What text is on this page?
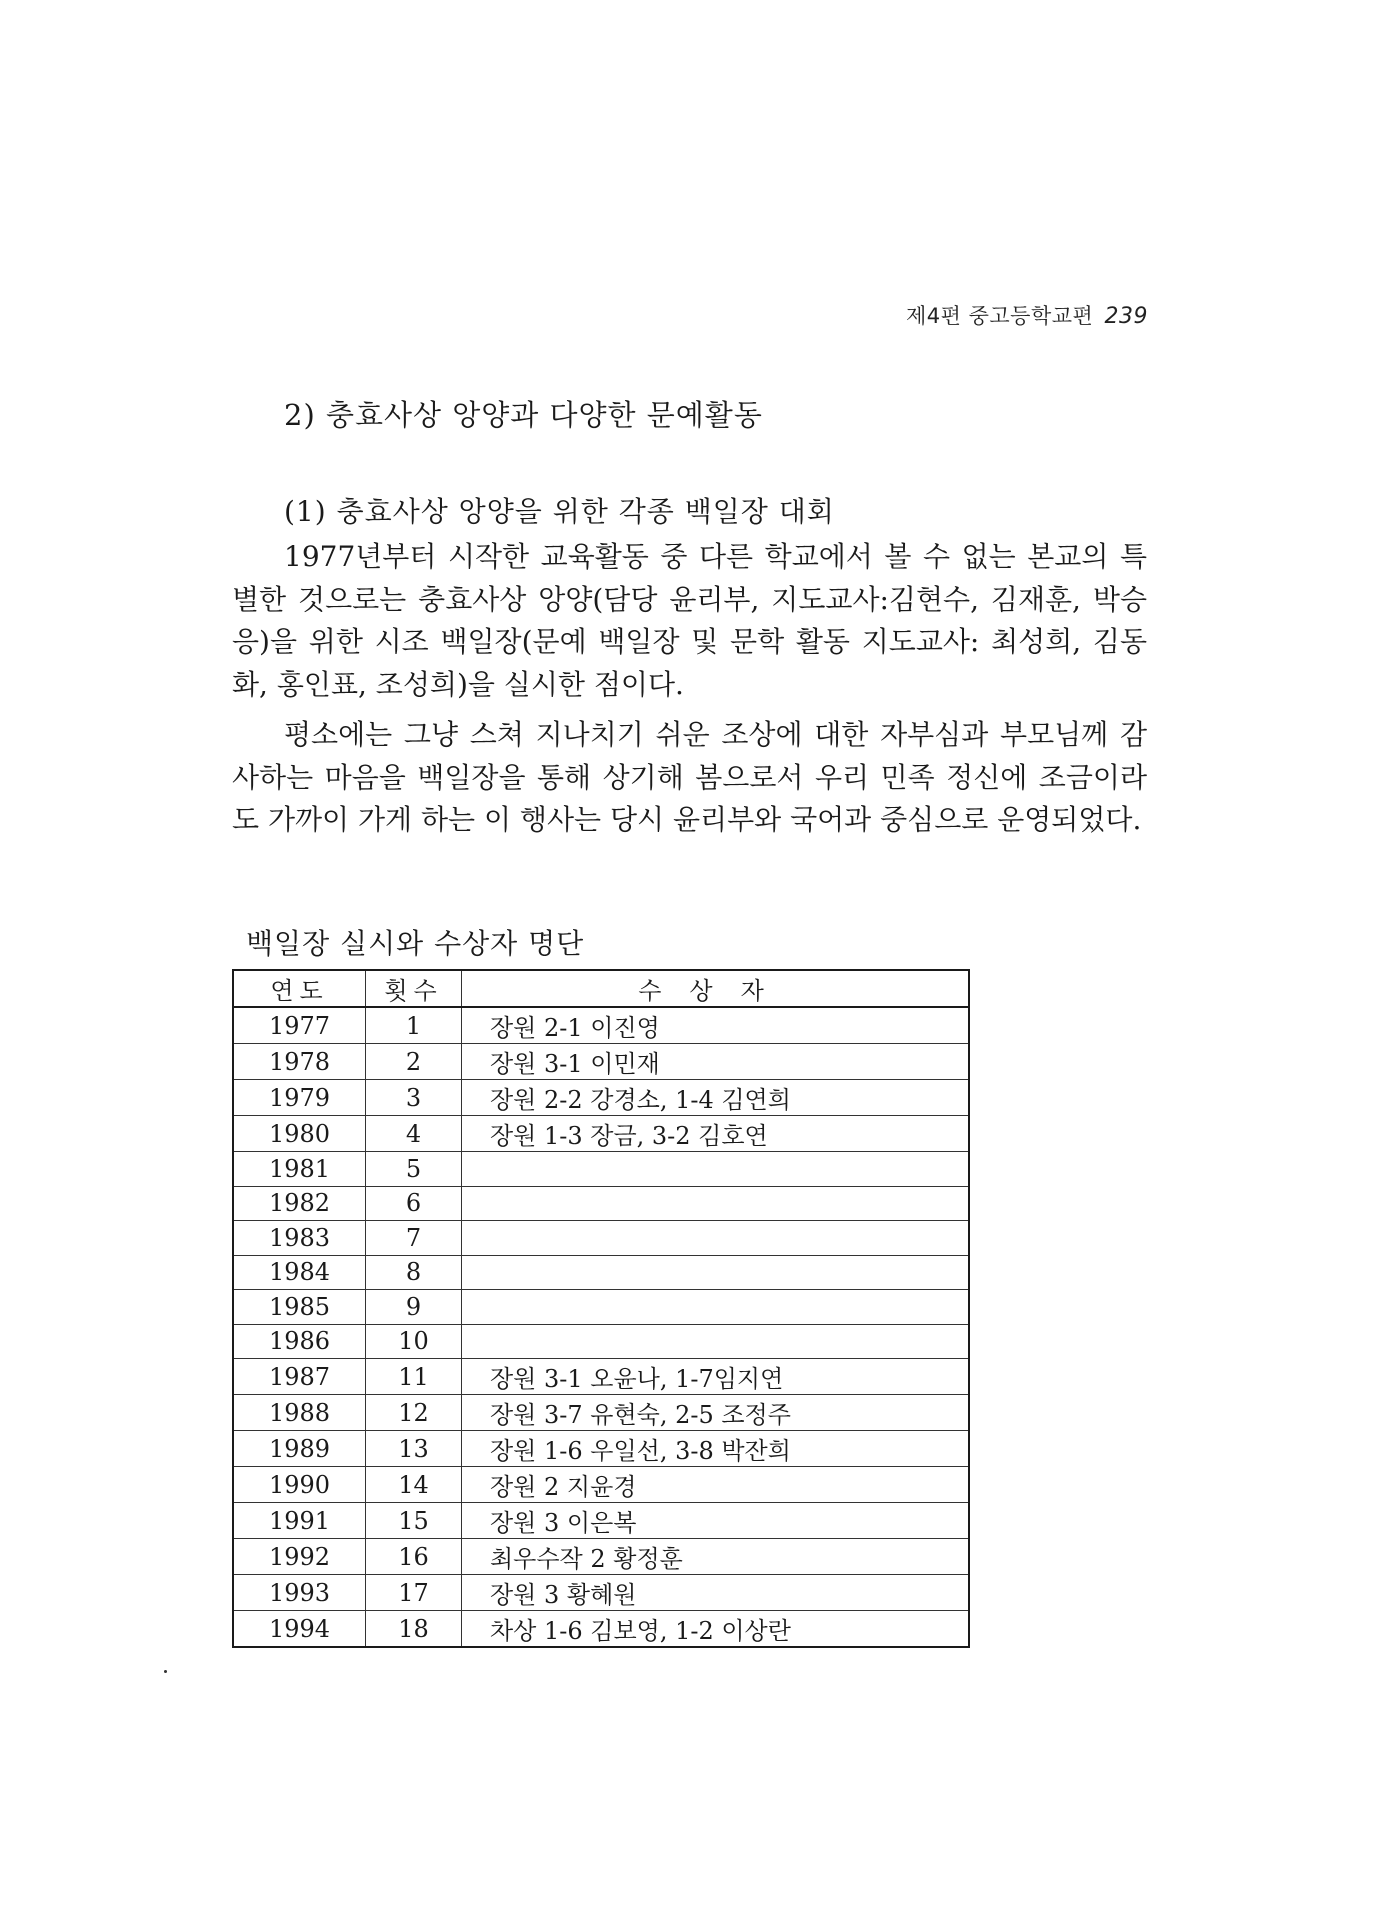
제4편 중고등학교편 239
2) 충효사상 앙양과 다양한 문예활동
(1) 충효사상 앙양을 위한 각종 백일장 대회
1977년부터 시작한 교육활동 중 다른 학교에서 볼 수 없는 본교의 특별한 것으로는 충효사상 앙양(담당 윤리부, 지도교사:김현수, 김재훈, 박승응)을 위한 시조 백일장(문예 백일장 및 문학 활동 지도교사: 최성희, 김동화, 홍인표, 조성희)을 실시한 점이다.
평소에는 그냥 스쳐 지나치기 쉬운 조상에 대한 자부심과 부모님께 감사하는 마음을 백일장을 통해 상기해 봄으로서 우리 민족 정신에 조금이라도 가까이 가게 하는 이 행사는 당시 윤리부와 국어과 중심으로 운영되었다.
백일장 실시와 수상자 명단
연도	횟수	수상자
1977	1	장원 2-1 이진영
1978	2	장원 3-1 이민재
1979	3	장원 2-2 강경소, 1-4 김연희
1980	4	장원 1-3 장금, 3-2 김호연
1981	5	
1982	6	
1983	7	
1984	8	
1985	9	
1986	10	
1987	11	장원 3-1 오윤나, 1-7임지연
1988	12	장원 3-7 유현숙, 2-5 조정주
1989	13	장원 1-6 우일선, 3-8 박잔희
1990	14	장원 2 지윤경
1991	15	장원 3 이은복
1992	16	최우수작 2 황정훈
1993	17	장원 3 황혜원
1994	18	차상 1-6 김보영, 1-2 이상란
